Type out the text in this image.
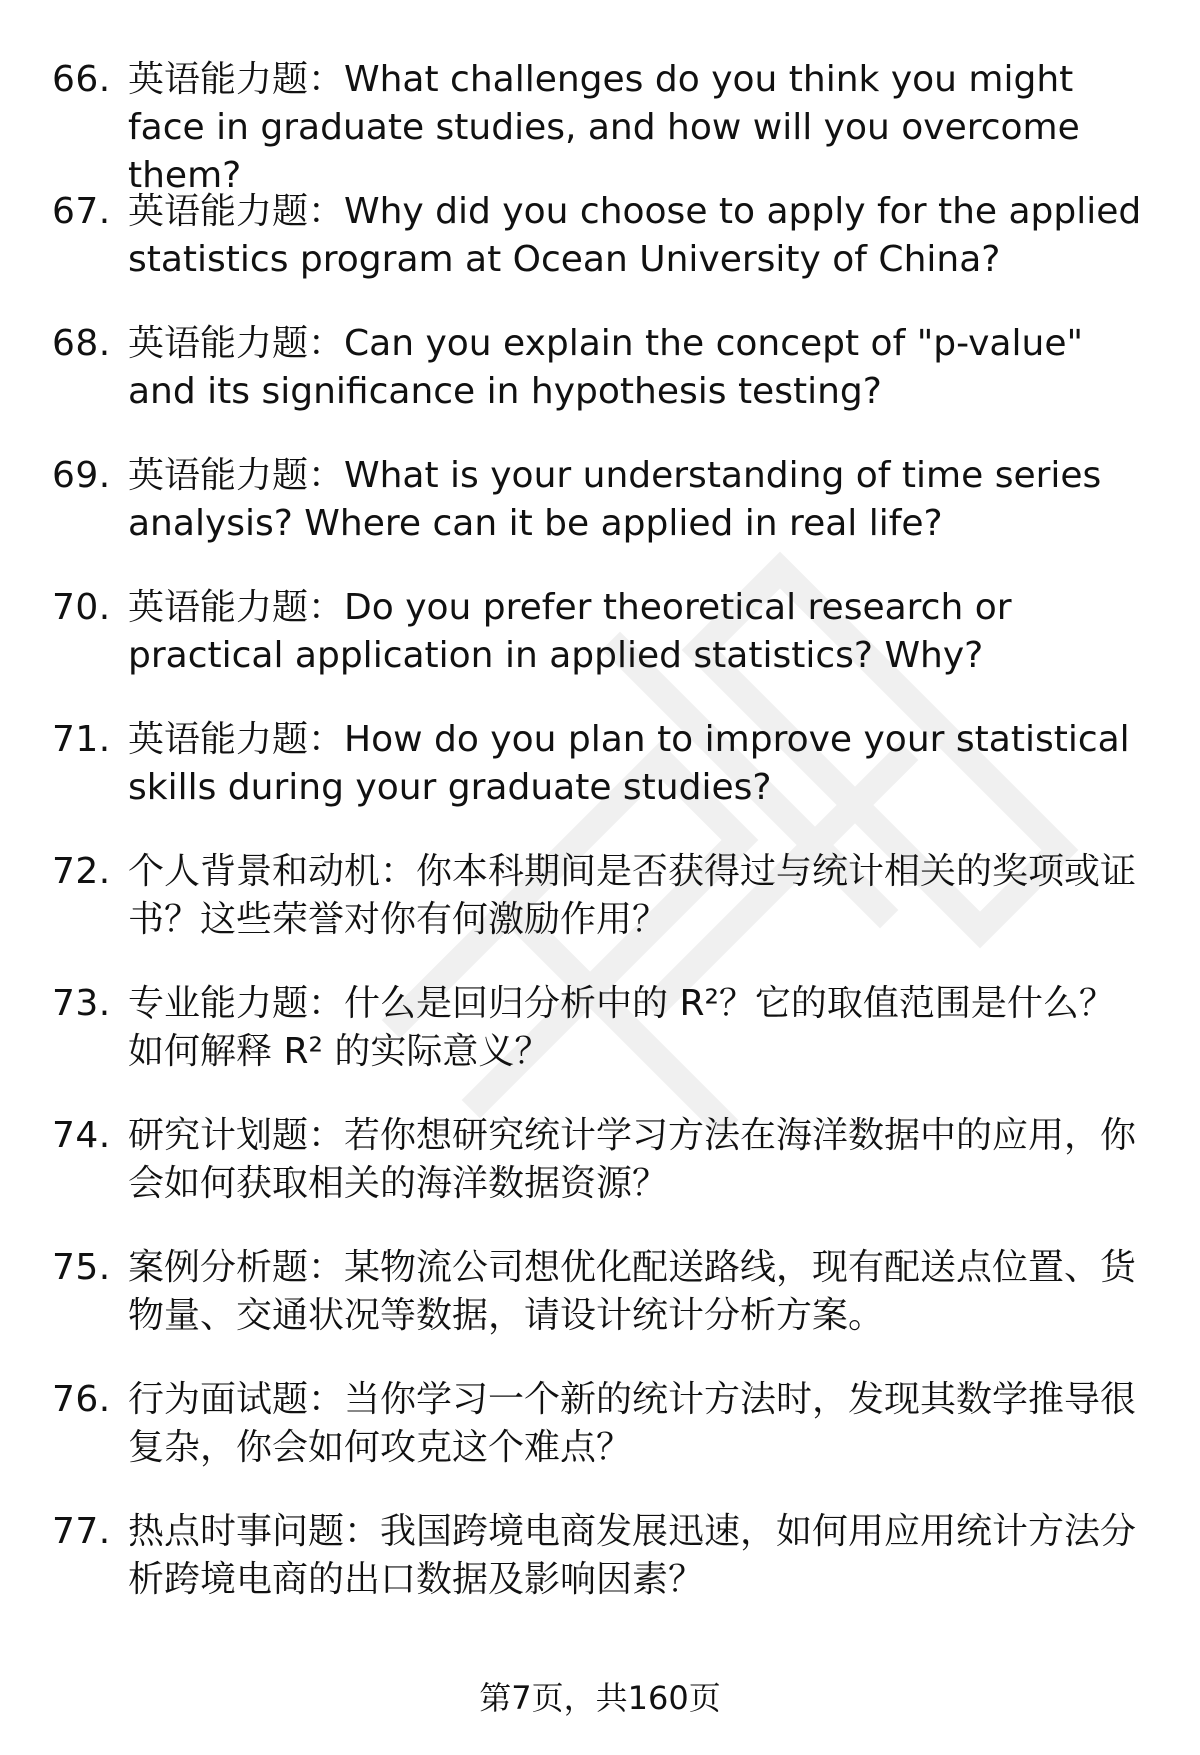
66. 英语能力题：What challenges do you think you might face in graduate studies, and how will you overcome them?
67. 英语能力题：Why did you choose to apply for the applied statistics program at Ocean University of China?
68. 英语能力题：Can you explain the concept of "p-value" and its significance in hypothesis testing?
69. 英语能力题：What is your understanding of time series analysis? Where can it be applied in real life?
70. 英语能力题：Do you prefer theoretical research or practical application in applied statistics? Why?
71. 英语能力题：How do you plan to improve your statistical skills during your graduate studies?
72. 个人背景和动机：你本科期间是否获得过与统计相关的奖项或证书？这些荣誉对你有何激励作用？
73. 专业能力题：什么是回归分析中的 R²？它的取值范围是什么？如何解释 R² 的实际意义？
74. 研究计划题：若你想研究统计学习方法在海洋数据中的应用，你会如何获取相关的海洋数据资源？
75. 案例分析题：某物流公司想优化配送路线，现有配送点位置、货物量、交通状况等数据，请设计统计分析方案。
76. 行为面试题：当你学习一个新的统计方法时，发现其数学推导很复杂，你会如何攻克这个难点？
77. 热点时事问题：我国跨境电商发展迅速，如何用应用统计方法分析跨境电商的出口数据及影响因素？
第7页，共160页
